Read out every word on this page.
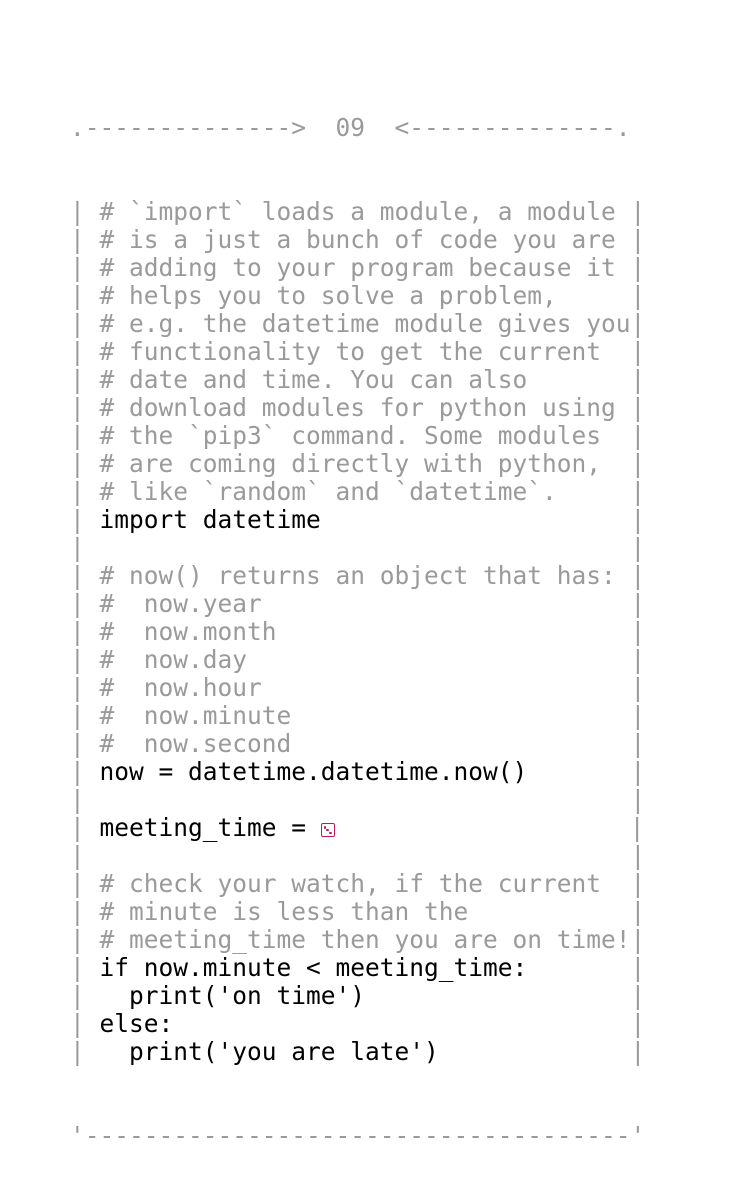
.-------------->  09  <--------------.

| # `import` loads a module, a module |
| # is a just a bunch of code you are |
| # adding to your program because it |
| # helps you to solve a problem,	|
| # e.g. the datetime module gives you|
| # functionality to get the current |
| # date and time. You can also	|
| # download modules for python using |
| # the `pip3` command. Some modules |
| # are coming directly with python, |
| # like `random` and `datetime`.	|
| import datetime	|
|	|
| # now() returns an object that has: |
| #  now.year	|
| #  now.month	|
| #  now.day	|
| #  now.hour	|
| #  now.minute	|
| #  now.second	|
| now = datetime.datetime.now()	|
|	|
| meeting_time =	|
|	|
| # check your watch, if the current |
| # minute is less than the	|
| # meeting_time then you are on time!|
| if now.minute < meeting_time:	|
|   print('on time')	|
| else:	|
|   print('you are late')	|

'-------------------------------------'
